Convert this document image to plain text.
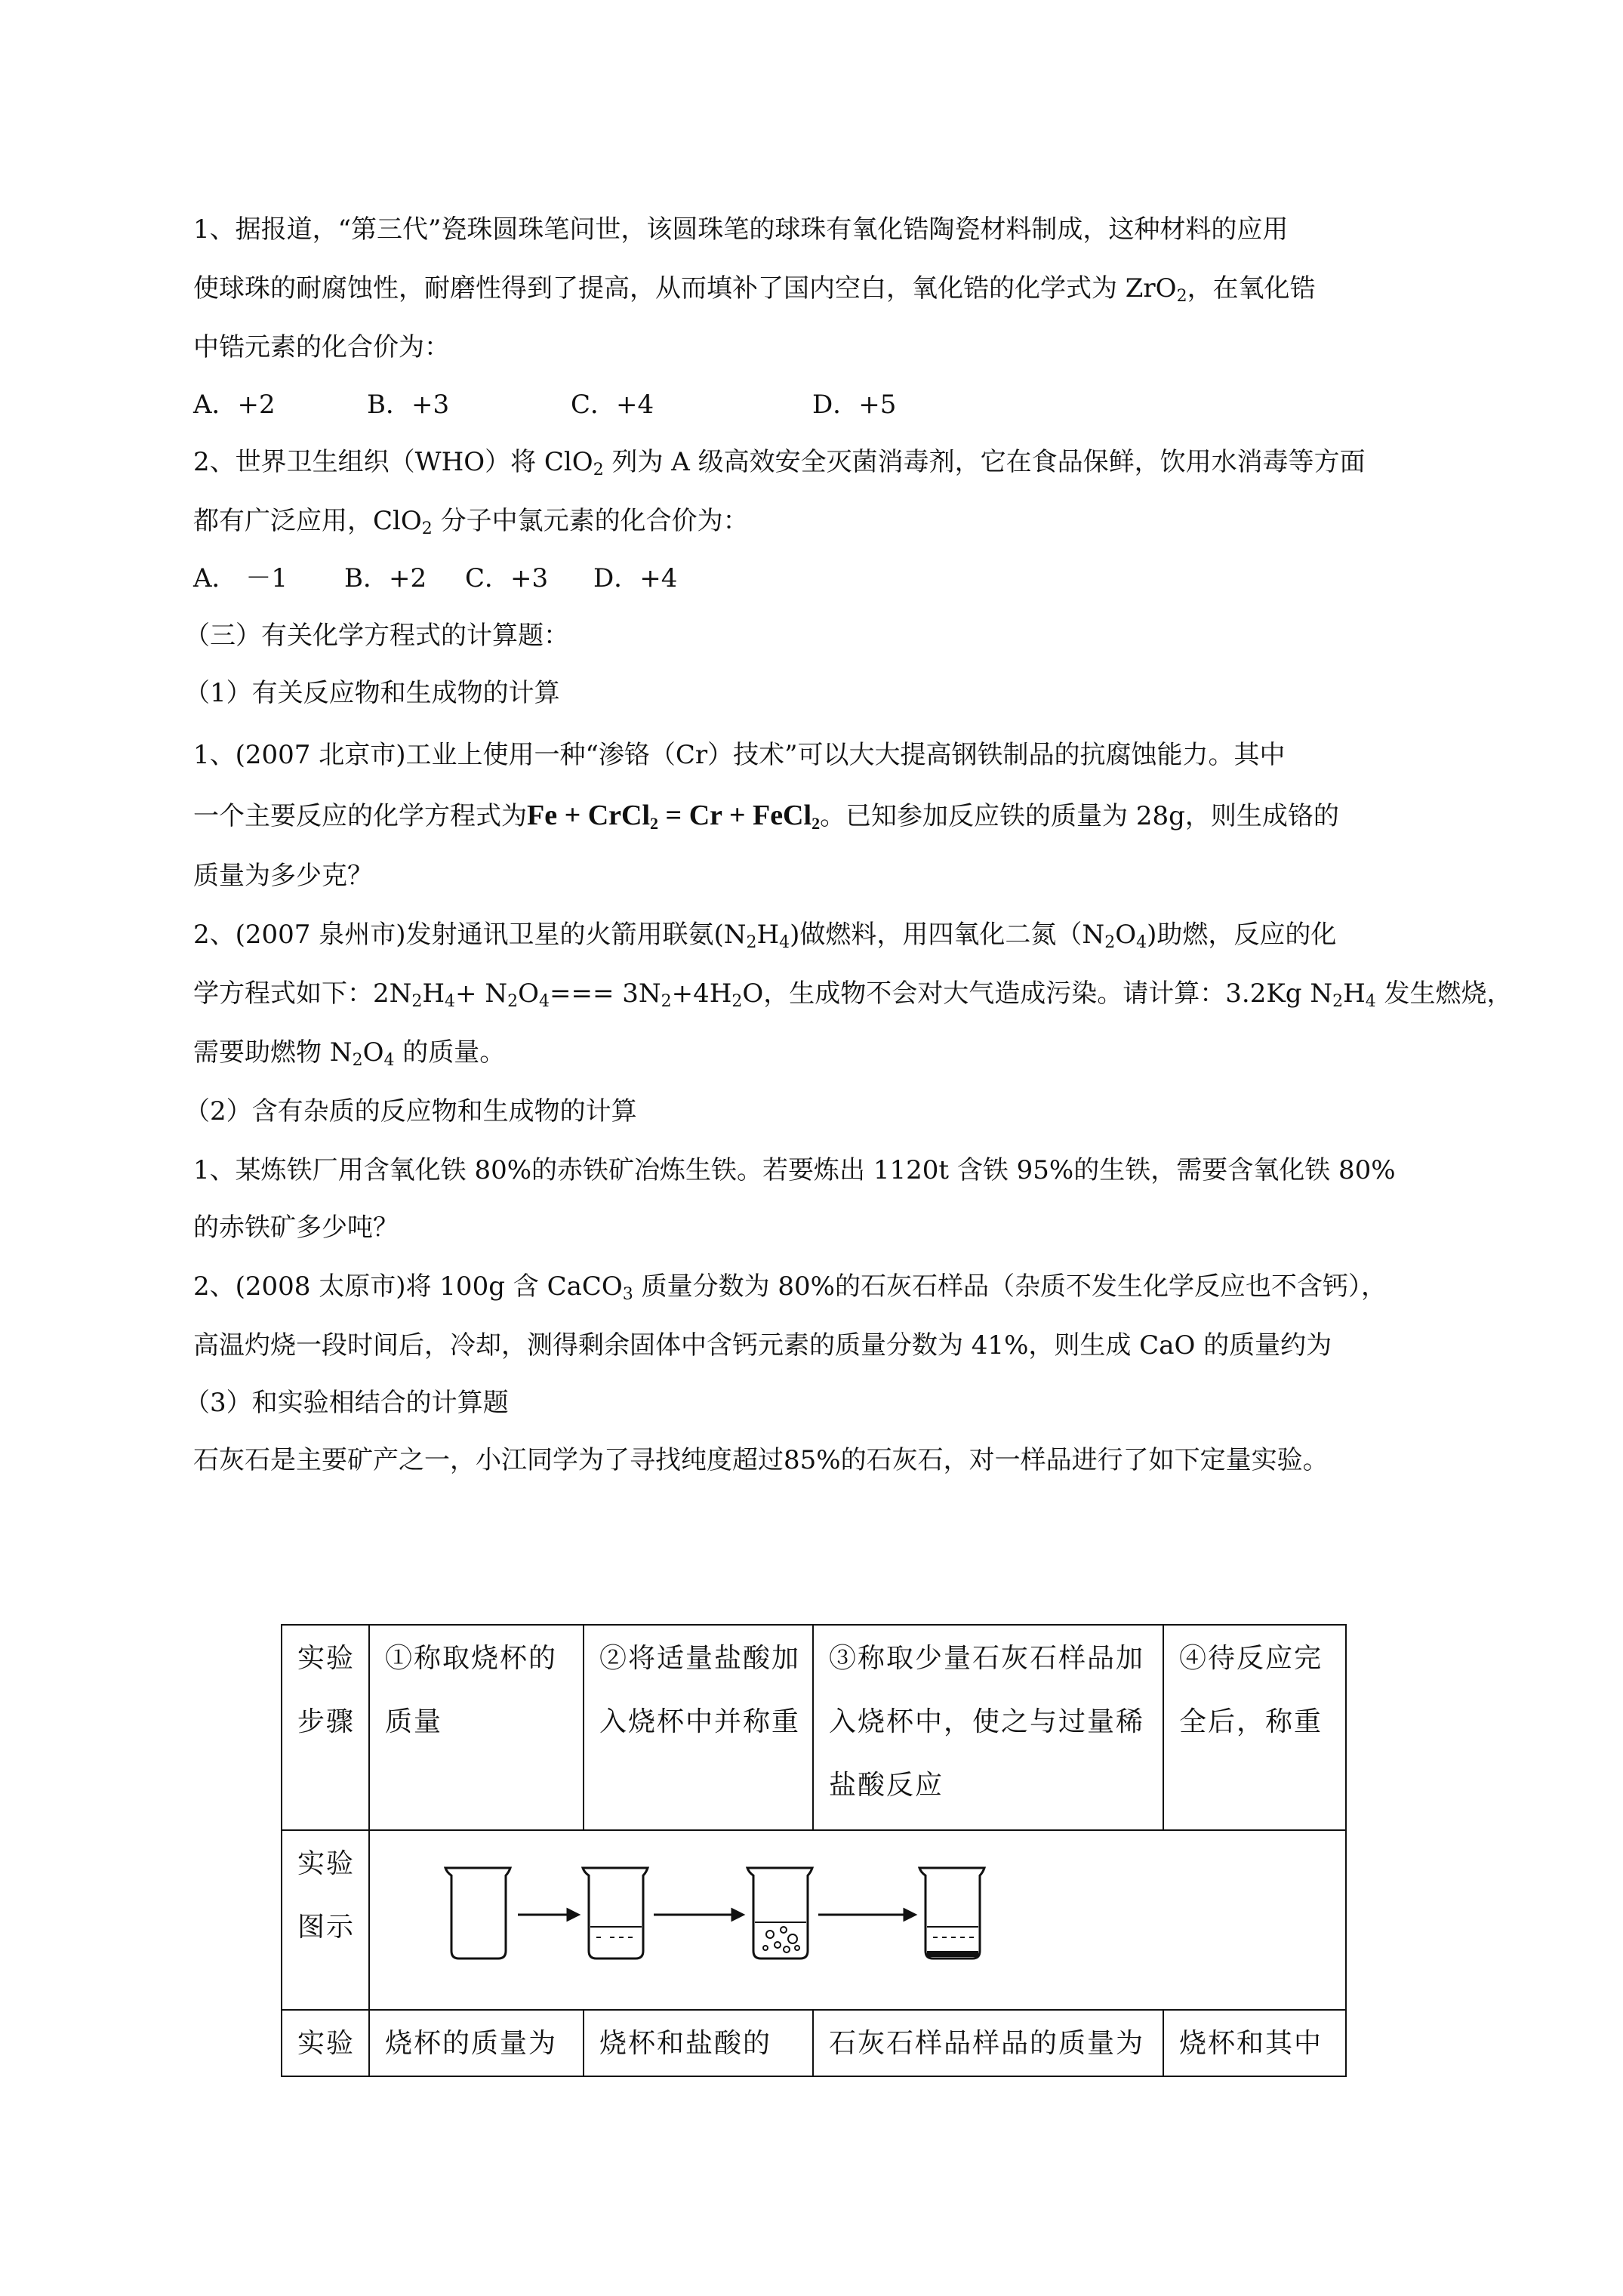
1、据报道，“第三代”瓷珠圆珠笔问世，该圆珠笔的球珠有氧化锆陶瓷材料制成，这种材料的应用
使球珠的耐腐蚀性，耐磨性得到了提高，从而填补了国内空白，氧化锆的化学式为 ZrO$_2$，在氧化锆
中锆元素的化合价为：
A．+2	B．+3	C．+4	D．+5
2、世界卫生组织（WHO）将 ClO$_2$ 列为 A 级高效安全灭菌消毒剂，它在食品保鲜，饮用水消毒等方面
都有广泛应用，ClO$_2$ 分子中氯元素的化合价为：
A． －1 B．+2 C．+3 D．+4
（三）有关化学方程式的计算题：
（1）有关反应物和生成物的计算
1、(2007 北京市)工业上使用一种“渗铬（Cr）技术”可以大大提高钢铁制品的抗腐蚀能力。其中
一个主要反应的化学方程式为Fe + CrCl$_2$ = Cr + FeCl$_2$。已知参加反应铁的质量为 28g，则生成铬的
质量为多少克？
2、(2007 泉州市)发射通讯卫星的火箭用联氨$(N_2H_4)$做燃料，用四氧化二氮$(N_2O_4)$助燃，反应的化
学方程式如下：$2N_2H_4+ N_2O_4=== 3N_2+4H_2O$，生成物不会对大气造成污染。请计算：3.2Kg $N_2H_4$ 发生燃烧，
需要助燃物 $N_2O_4$ 的质量。
（2）含有杂质的反应物和生成物的计算
1、某炼铁厂用含氧化铁 80%的赤铁矿冶炼生铁。若要炼出 1120t 含铁 95%的生铁，需要含氧化铁 80%
的赤铁矿多少吨？
2、(2008 太原市)将 100g 含 CaCO$_3$ 质量分数为 80%的石灰石样品（杂质不发生化学反应也不含钙），
高温灼烧一段时间后，冷却，测得剩余固体中含钙元素的质量分数为 41%，则生成 CaO 的质量约为
（3）和实验相结合的计算题
石灰石是主要矿产之一，小江同学为了寻找纯度超过85%的石灰石，对一样品进行了如下定量实验。
实验步骤	①称取烧杯的质量	②将适量盐酸加入烧杯中并称重	③称取少量石灰石样品加入烧杯中，使之与过量稀盐酸反应	④待反应完全后，称重
实验图示	

实验	烧杯的质量为	烧杯和盐酸的	石灰石样品样品的质量为	烧杯和其中
